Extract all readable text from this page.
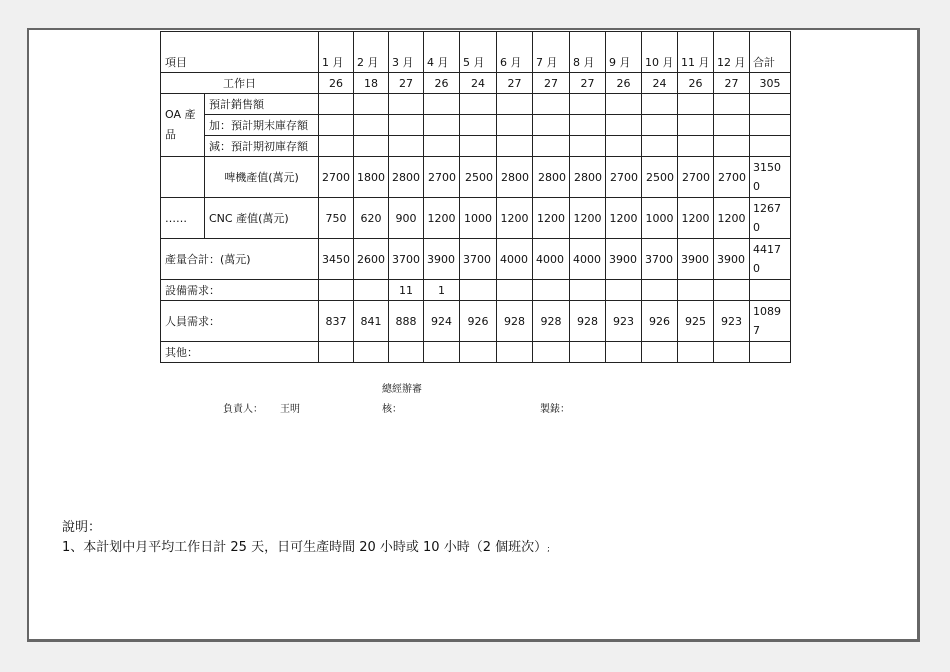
項目		1 月	2 月	3 月	4 月	5 月	6 月	7 月	8 月	9 月	10 月	11 月	12 月	合計
工作日		26	18	27	26	24	27	27	27	26	24	26	27	305
OA 產品	預計銷售額													
	加：預計期末庫存額													
	減：預計期初庫存額													
	啤機產值(萬元)	2700	1800	2800	2700	2500	2800	2800	2800	2700	2500	2700	2700	31500
……	CNC 產值(萬元)	750	620	900	1200	1000	1200	1200	1200	1200	1000	1200	1200	12670
產量合計：(萬元)		3450	2600	3700	3900	3700	4000	4000	4000	3900	3700	3900	3900	44170
設備需求：				11	1									
人員需求：		837	841	888	924	926	928	928	928	923	926	925	923	10897
其他：														
負責人： 王明
總經辦審
核：	製錶：
說明：
1、本計划中月平均工作日計 25 天，日可生產時間 20 小時或 10 小時（2 個班次）;
